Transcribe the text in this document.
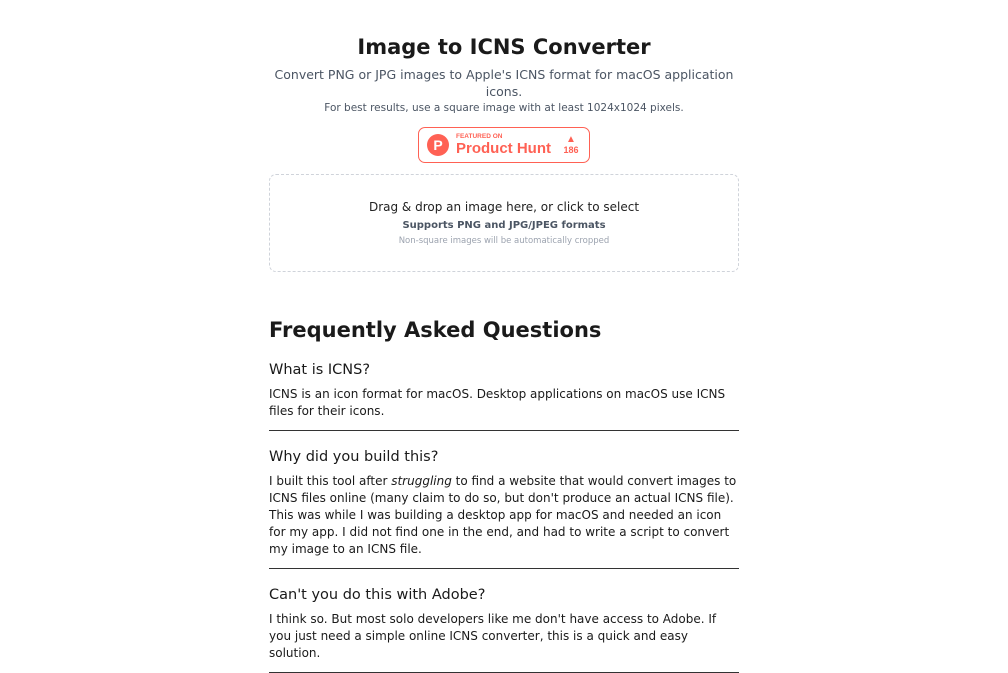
Image to ICNS Converter

Convert PNG or JPG images to Apple's ICNS format for macOS application icons.

For best results, use a square image with at least 1024x1024 pixels.

P
FEATURED ON
Product Hunt
▲
186
Drag & drop an image here, or click to select
Supports PNG and JPG/JPEG formats
Non-square images will be automatically cropped
Frequently Asked Questions
What is ICNS?

ICNS is an icon format for macOS. Desktop applications on macOS use ICNS files for their icons.

Why did you build this?

I built this tool after struggling to find a website that would convert images to ICNS files online (many claim to do so, but don't produce an actual ICNS file). This was while I was building a desktop app for macOS and needed an icon for my app. I did not find one in the end, and had to write a script to convert my image to an ICNS file.

Can't you do this with Adobe?

I think so. But most solo developers like me don't have access to Adobe. If you just need a simple online ICNS converter, this is a quick and easy solution.
